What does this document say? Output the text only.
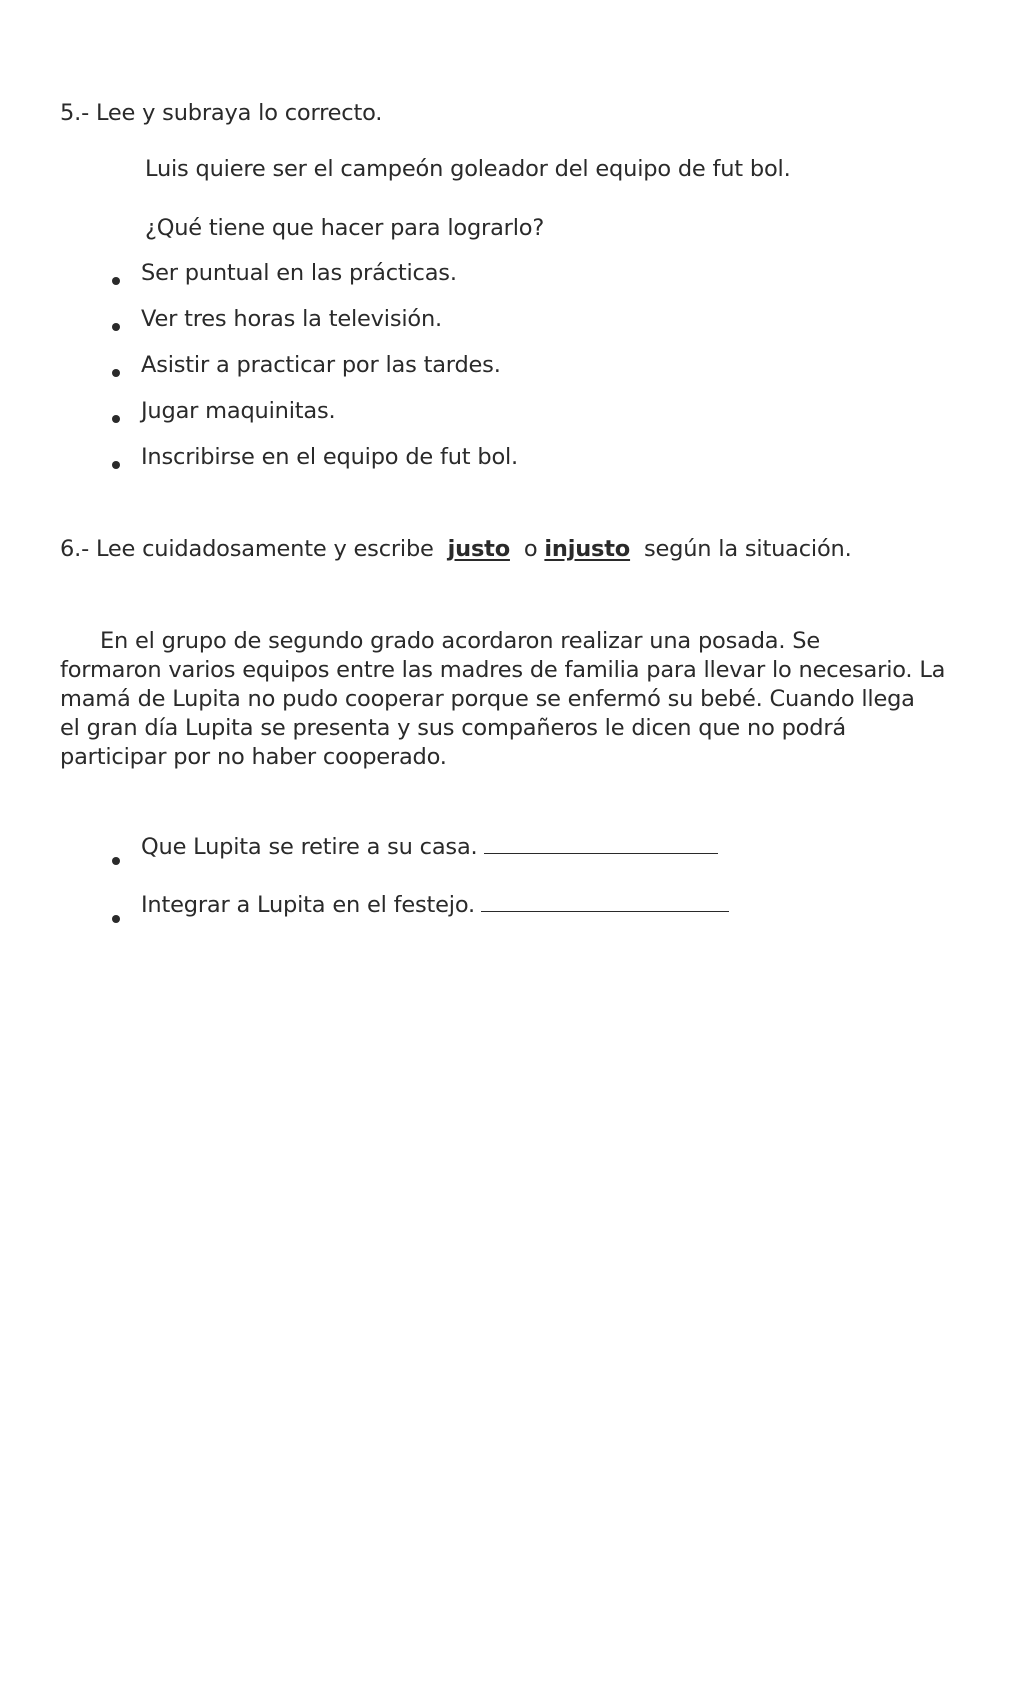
5.- Lee y subraya lo correcto.
Luis quiere ser el campeón goleador del equipo de fut bol.
¿Qué tiene que hacer para lograrlo?
Ser puntual en las prácticas.
Ver tres horas la televisión.
Asistir a practicar por las tardes.
Jugar maquinitas.
Inscribirse en el equipo de fut bol.
6.- Lee cuidadosamente y escribe justo o injusto según la situación.
En el grupo de segundo grado acordaron realizar una posada. Se
formaron varios equipos entre las madres de familia para llevar lo necesario. La
mamá de Lupita no pudo cooperar porque se enfermó su bebé. Cuando llega
el gran día Lupita se presenta y sus compañeros le dicen que no podrá
participar por no haber cooperado.
Que Lupita se retire a su casa.
Integrar a Lupita en el festejo.
